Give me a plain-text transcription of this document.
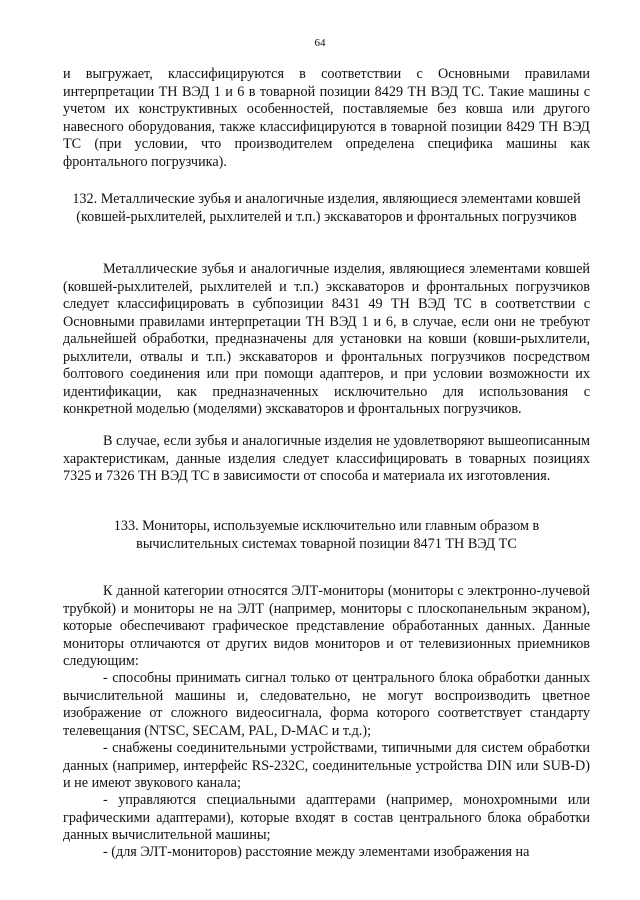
64
и выгружает, классифицируются в соответствии с Основными правилами интерпретации ТН ВЭД 1 и 6 в товарной позиции 8429 ТН ВЭД ТС. Такие машины с учетом их конструктивных особенностей, поставляемые без ковша или другого навесного оборудования, также классифицируются в товарной позиции 8429 ТН ВЭД ТС (при условии, что производителем определена специфика машины как фронтального погрузчика).
132. Металлические зубья и аналогичные изделия, являющиеся элементами ковшей (ковшей-рыхлителей, рыхлителей и т.п.) экскаваторов и фронтальных погрузчиков
Металлические зубья и аналогичные изделия, являющиеся элементами ковшей (ковшей-рыхлителей, рыхлителей и т.п.) экскаваторов и фронтальных погрузчиков следует классифицировать в субпозиции 8431 49 ТН ВЭД ТС в соответствии с Основными правилами интерпретации ТН ВЭД 1 и 6, в случае, если они не требуют дальнейшей обработки, предназначены для установки на ковши (ковши-рыхлители, рыхлители, отвалы и т.п.) экскаваторов и фронтальных погрузчиков посредством болтового соединения или при помощи адаптеров, и при условии возможности их идентификации, как предназначенных исключительно для использования с конкретной моделью (моделями) экскаваторов и фронтальных погрузчиков.
В случае, если зубья и аналогичные изделия не удовлетворяют вышеописанным характеристикам, данные изделия следует классифицировать в товарных позициях 7325 и 7326 ТН ВЭД ТС в зависимости от способа и материала их изготовления.
133. Мониторы, используемые исключительно или главным образом в вычислительных системах товарной позиции 8471 ТН ВЭД ТС
К данной категории относятся ЭЛТ-мониторы (мониторы с электронно-лучевой трубкой) и мониторы не на ЭЛТ (например, мониторы с плоскопанельным экраном), которые обеспечивают графическое представление обработанных данных. Данные мониторы отличаются от других видов мониторов и от телевизионных приемников следующим:
- способны принимать сигнал только от центрального блока обработки данных вычислительной машины и, следовательно, не могут воспроизводить цветное изображение от сложного видеосигнала, форма которого соответствует стандарту телевещания (NTSC, SECAM, PAL, D-MAC и т.д.);
- снабжены соединительными устройствами, типичными для систем обработки данных (например, интерфейс RS-232C, соединительные устройства DIN или SUB-D) и не имеют звукового канала;
- управляются специальными адаптерами (например, монохромными или графическими адаптерами), которые входят в состав центрального блока обработки данных вычислительной машины;
- (для ЭЛТ-мониторов) расстояние между элементами изображения на
